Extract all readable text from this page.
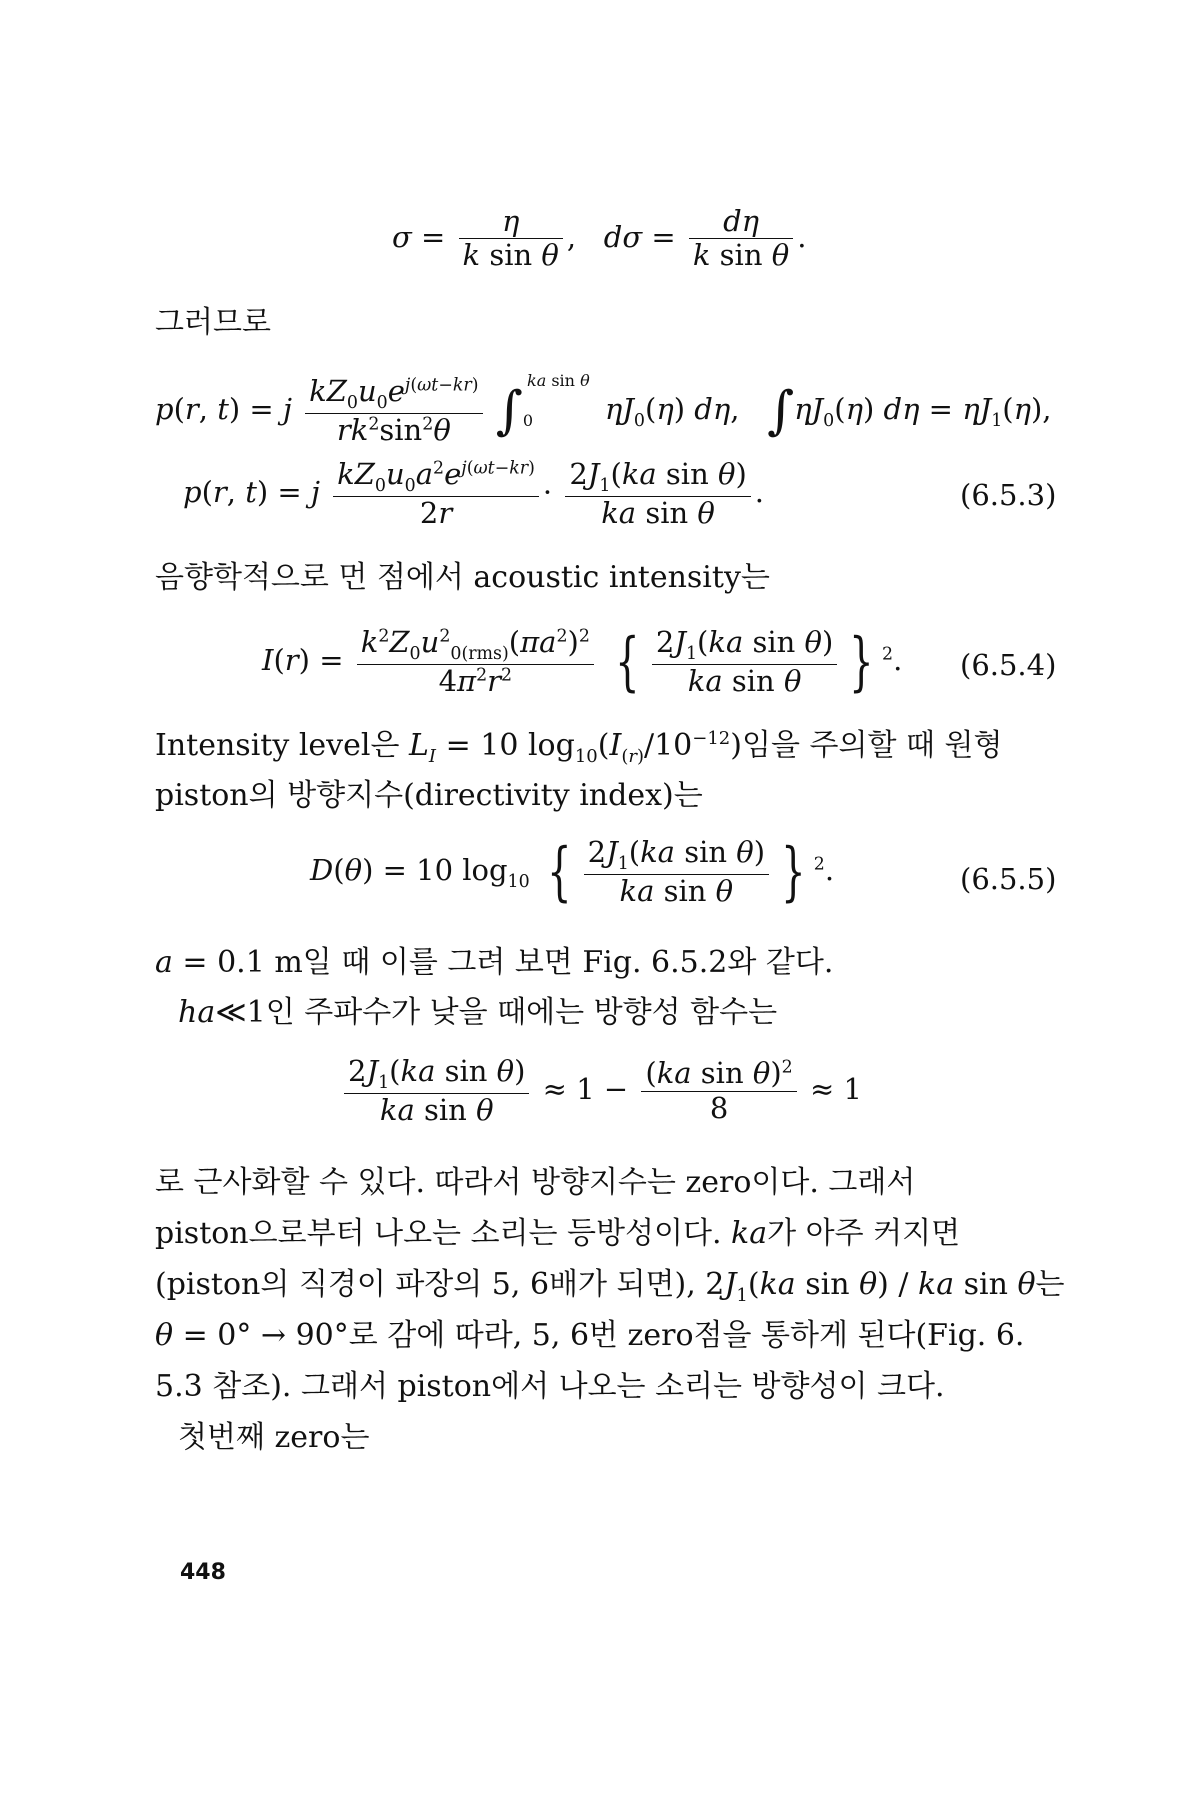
$\sigma = \frac{\eta}{\text{k sin θ}}$ ,   $d\sigma = \frac{d\eta}{\text{k sin θ}}$ .
그러므로
p(r, t) = j $\frac{kZ_0u_0e^{j(\omega t-kr)}}{rk^2\sin^2\theta} \int_0^{ka sin \theta}$ $\eta J_0(\eta)$ dη,   $\int\eta J_0(\eta) d\eta = \eta J_1(\eta)$,
p(r, t) = j $\frac{kZ_0u_0a^2e^{j(\omega t-kr)}}{2r} \cdot \frac{2J_1(ka \sin \theta)}{\text{ka sin θ}}$ .	(6.5.3)
음향학적으로 먼 점에서 acoustic intensity는
$I(r) = \frac{k^2Z_0u^2_{0(rms)}(\pi a^2)^2}{4\pi^2r^2}$ { $\frac{2J_1(ka \sin \theta)}{\text{ka sin θ}}$ } $^2$. (6.5.4)
Intensity level은 $L_I = 10$ $\log_{10}(I_{(r)}/10^{-12})$임을 주의할 때 원형
piston의 방향지수(directivity index)는
D(θ) = 10 $\log_{10}$ { $\frac{2J_1(ka \sin \theta)}{\text{ka sin θ}}$ } $^2$.	(6.5.5)
a = 0.1 m일 때 이를 그려 보면 Fig. 6.5.2와 같다.
ha≪1인 주파수가 낮을 때에는 방향성 함수는
$\frac{2J_1(ka \sin \theta)}{\text{ka sin θ}} \approx 1 - \frac{(ka \sin \theta)^2}{8} \approx 1$
로 근사화할 수 있다. 따라서 방향지수는 zero이다. 그래서
piston으로부터 나오는 소리는 등방성이다. ka가 아주 커지면
(piston의 직경이 파장의 5, 6배가 되면), $2J_1(ka$ sin θ) / ka sin θ는
θ = 0° → 90°로 감에 따라, 5, 6번 zero점을 통하게 된다(Fig. 6.
5.3 참조). 그래서 piston에서 나오는 소리는 방향성이 크다.
첫번째 zero는
448
